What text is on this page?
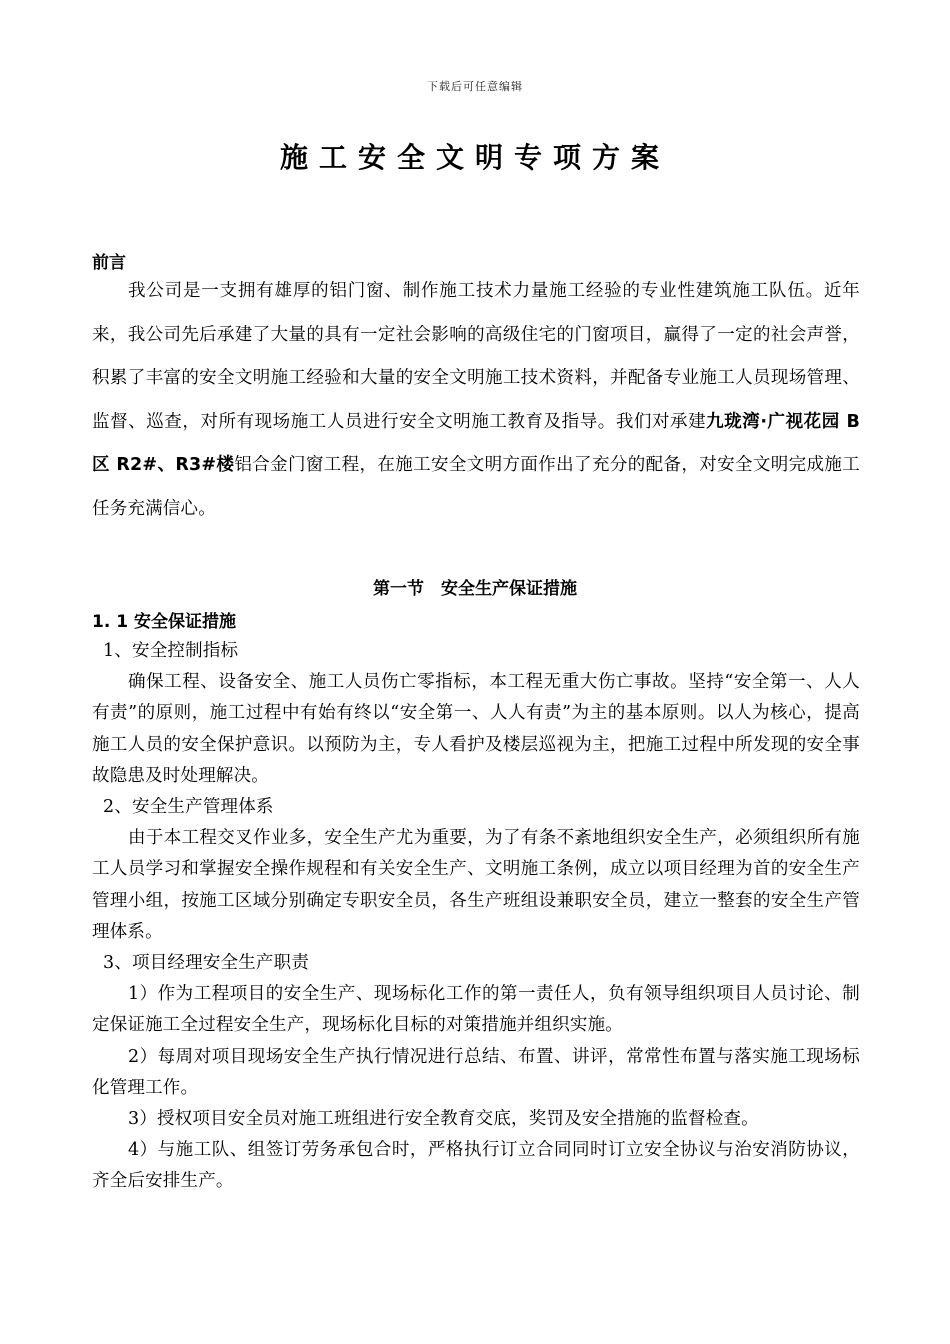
下载后可任意编辑
施工安全文明专项方案
前言
我公司是一支拥有雄厚的铝门窗、制作施工技术力量施工经验的专业性建筑施工队伍。近年来，我公司先后承建了大量的具有一定社会影响的高级住宅的门窗项目，赢得了一定的社会声誉，积累了丰富的安全文明施工经验和大量的安全文明施工技术资料，并配备专业施工人员现场管理、监督、巡查，对所有现场施工人员进行安全文明施工教育及指导。我们对承建九珑湾·广视花园 B 区 R2#、R3#楼铝合金门窗工程，在施工安全文明方面作出了充分的配备，对安全文明完成施工任务充满信心。
第一节　安全生产保证措施
1. 1 安全保证措施

1、安全控制指标

确保工程、设备安全、施工人员伤亡零指标，本工程无重大伤亡事故。坚持“安全第一、人人有责”的原则，施工过程中有始有终以“安全第一、人人有责”为主的基本原则。以人为核心，提高施工人员的安全保护意识。以预防为主，专人看护及楼层巡视为主，把施工过程中所发现的安全事故隐患及时处理解决。

2、安全生产管理体系

由于本工程交叉作业多，安全生产尤为重要，为了有条不紊地组织安全生产，必须组织所有施工人员学习和掌握安全操作规程和有关安全生产、文明施工条例，成立以项目经理为首的安全生产管理小组，按施工区域分别确定专职安全员，各生产班组设兼职安全员，建立一整套的安全生产管理体系。

3、项目经理安全生产职责

1）作为工程项目的安全生产、现场标化工作的第一责任人，负有领导组织项目人员讨论、制定保证施工全过程安全生产，现场标化目标的对策措施并组织实施。

2）每周对项目现场安全生产执行情况进行总结、布置、讲评，常常性布置与落实施工现场标化管理工作。

3）授权项目安全员对施工班组进行安全教育交底，奖罚及安全措施的监督检查。

4）与施工队、组签订劳务承包合时，严格执行订立合同同时订立安全协议与治安消防协议，齐全后安排生产。
